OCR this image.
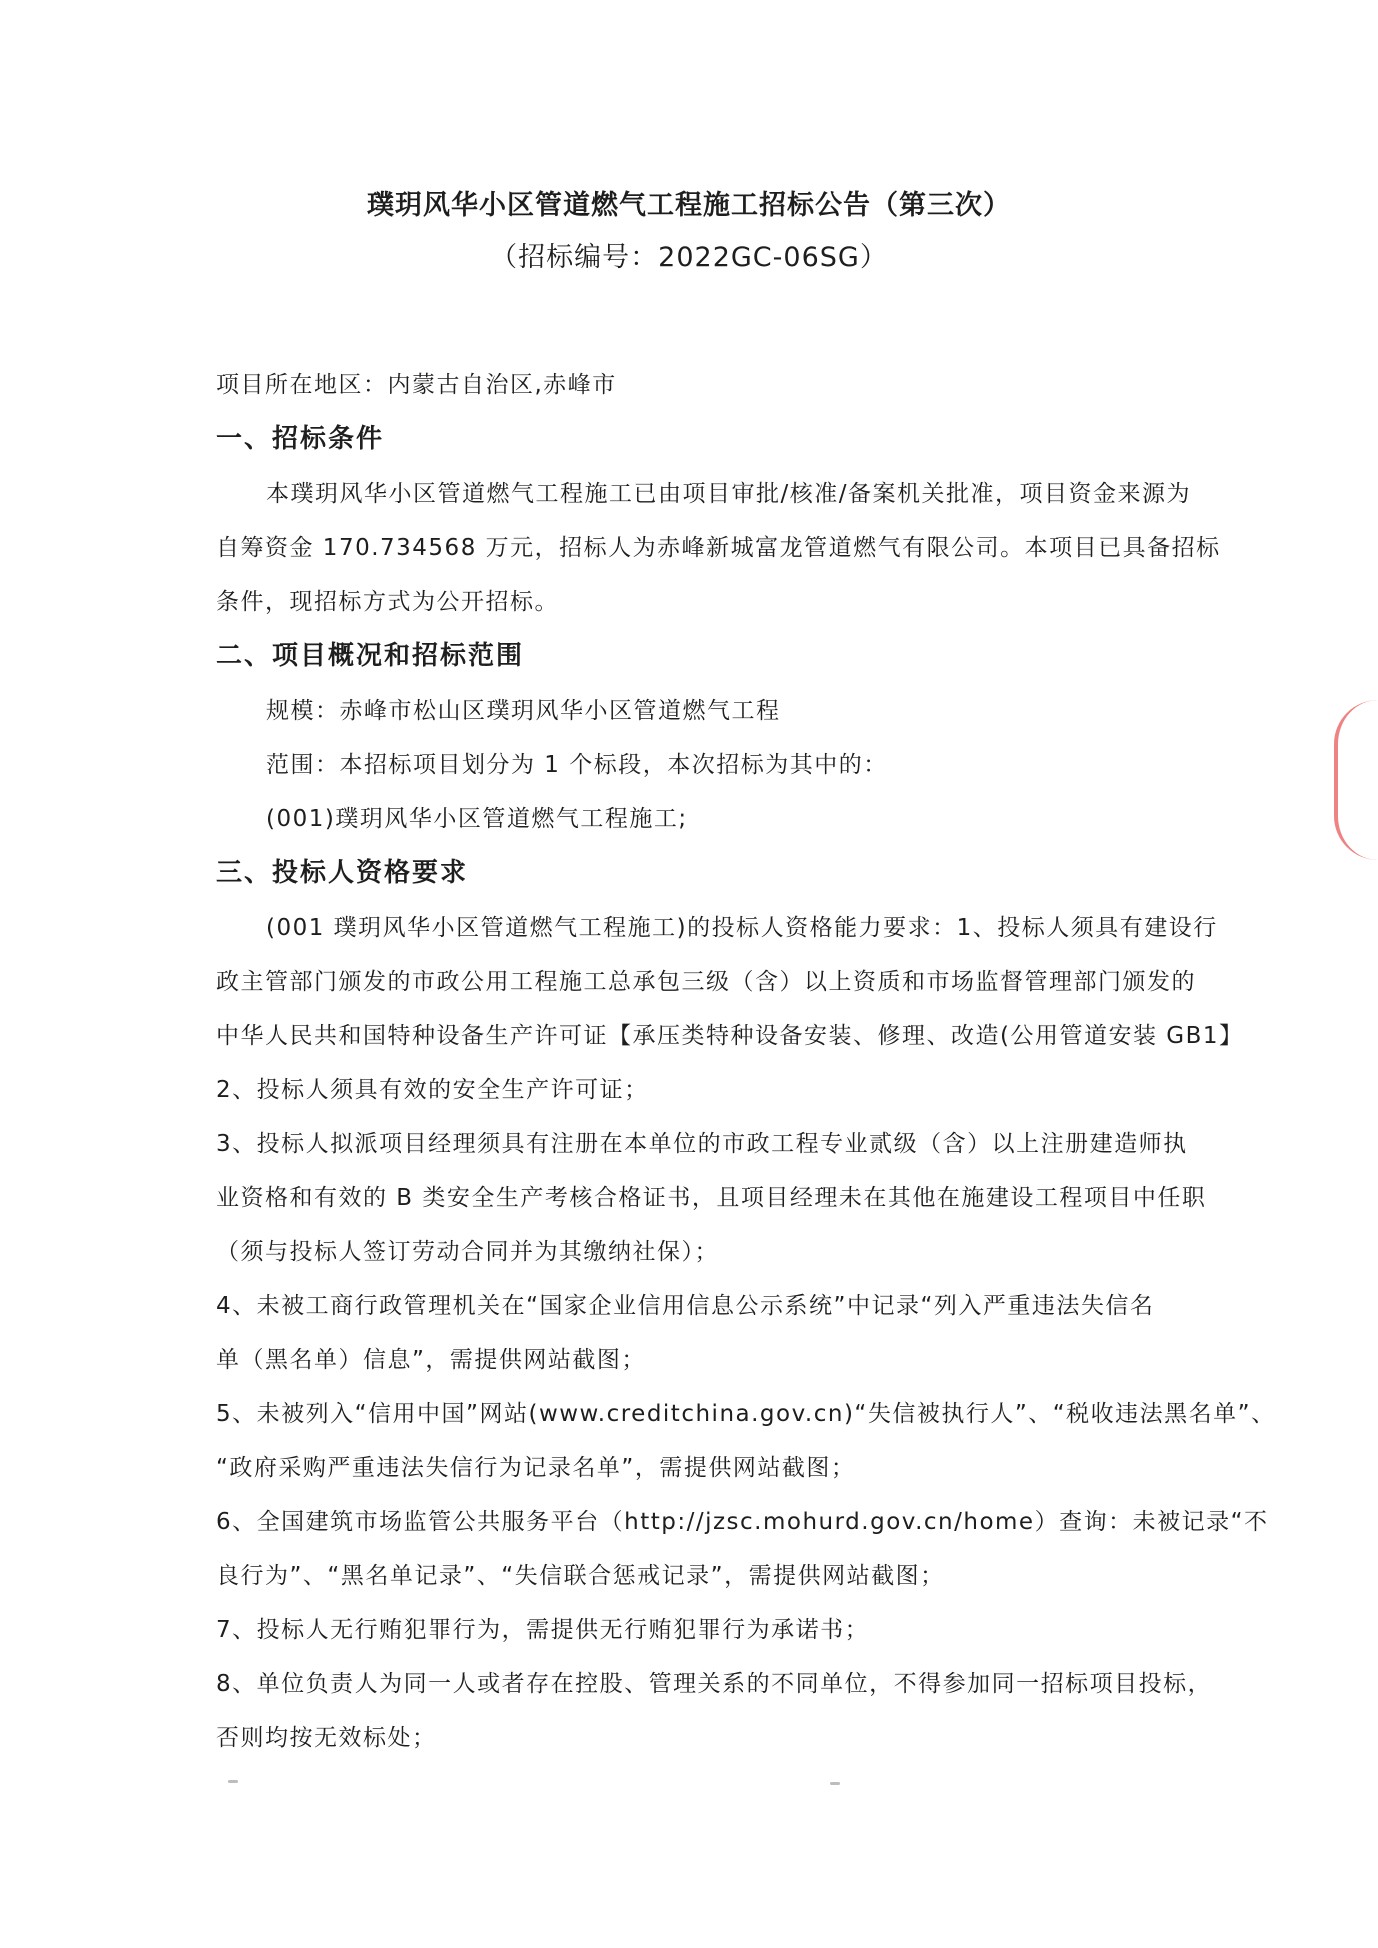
璞玥风华小区管道燃气工程施工招标公告（第三次）
（招标编号：2022GC-06SG）
项目所在地区：内蒙古自治区,赤峰市
一、招标条件
本璞玥风华小区管道燃气工程施工已由项目审批/核准/备案机关批准，项目资金来源为
自筹资金 170.734568 万元，招标人为赤峰新城富龙管道燃气有限公司。本项目已具备招标
条件，现招标方式为公开招标。
二、项目概况和招标范围
规模：赤峰市松山区璞玥风华小区管道燃气工程
范围：本招标项目划分为 1 个标段，本次招标为其中的：
(001)璞玥风华小区管道燃气工程施工;
三、投标人资格要求
(001 璞玥风华小区管道燃气工程施工)的投标人资格能力要求：1、投标人须具有建设行
政主管部门颁发的市政公用工程施工总承包三级（含）以上资质和市场监督管理部门颁发的
中华人民共和国特种设备生产许可证【承压类特种设备安装、修理、改造(公用管道安装 GB1】
2、投标人须具有效的安全生产许可证；
3、投标人拟派项目经理须具有注册在本单位的市政工程专业贰级（含）以上注册建造师执
业资格和有效的 B 类安全生产考核合格证书，且项目经理未在其他在施建设工程项目中任职
（须与投标人签订劳动合同并为其缴纳社保）；
4、未被工商行政管理机关在“国家企业信用信息公示系统”中记录“列入严重违法失信名
单（黑名单）信息”，需提供网站截图；
5、未被列入“信用中国”网站(www.creditchina.gov.cn)“失信被执行人”、“税收违法黑名单”、
“政府采购严重违法失信行为记录名单”，需提供网站截图；
6、全国建筑市场监管公共服务平台（http://jzsc.mohurd.gov.cn/home）查询：未被记录“不
良行为”、“黑名单记录”、“失信联合惩戒记录”，需提供网站截图；
7、投标人无行贿犯罪行为，需提供无行贿犯罪行为承诺书；
8、单位负责人为同一人或者存在控股、管理关系的不同单位，不得参加同一招标项目投标，
否则均按无效标处；
